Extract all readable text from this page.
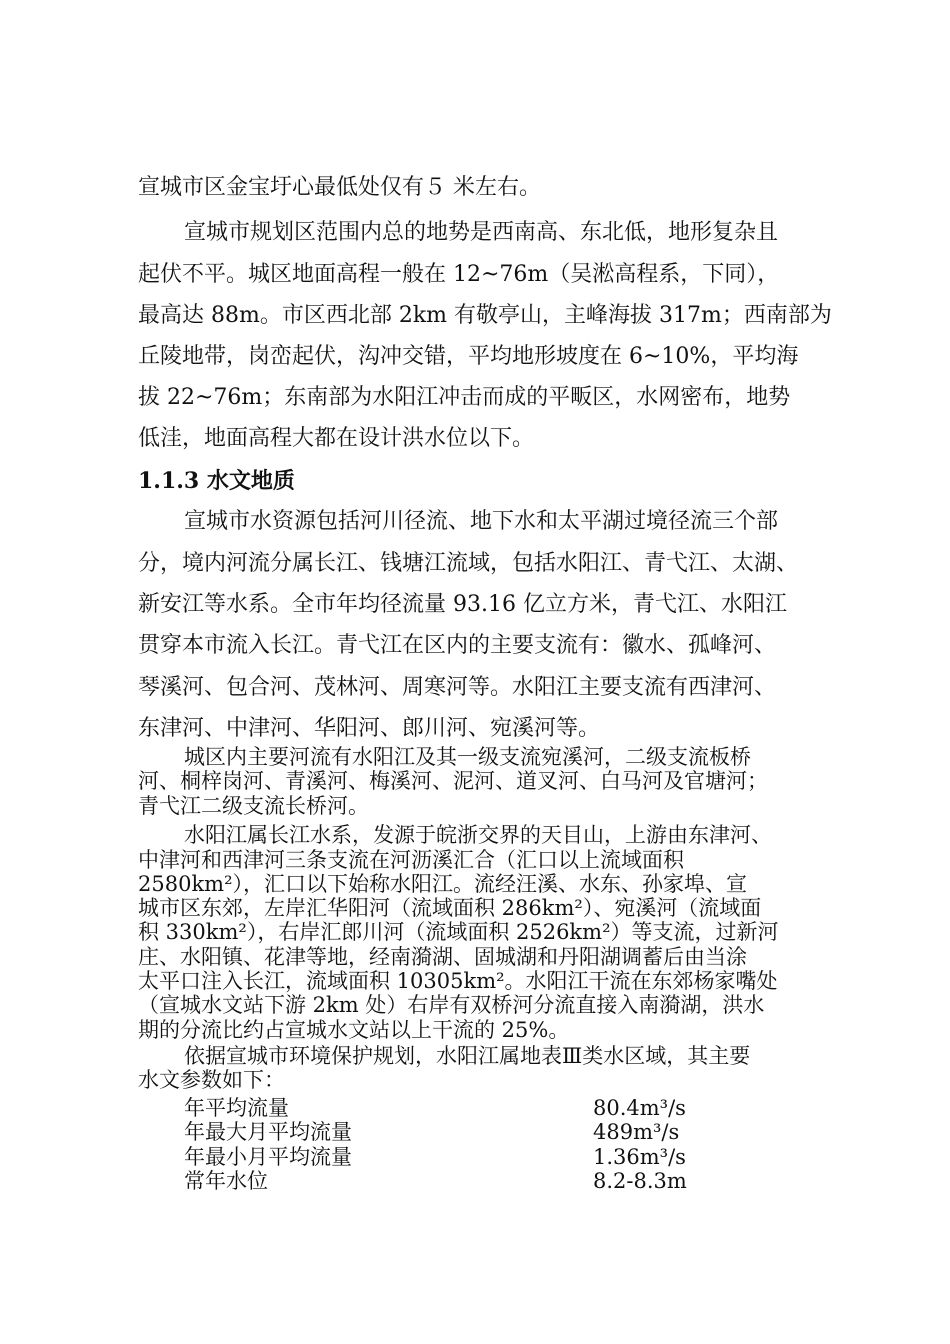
宣城市区金宝圩心最低处仅有５ 米左右。
宣城市规划区范围内总的地势是西南高、东北低，地形复杂且
起伏不平。城区地面高程一般在 12~76m（吴淞高程系，下同），
最高达 88m。市区西北部 2km 有敬亭山，主峰海拔 317m；西南部为
丘陵地带，岗峦起伏，沟冲交错，平均地形坡度在 6~10%，平均海
拔 22~76m；东南部为水阳江冲击而成的平畈区，水网密布，地势
低洼，地面高程大都在设计洪水位以下。
1.1.3 水文地质
宣城市水资源包括河川径流、地下水和太平湖过境径流三个部
分，境内河流分属长江、钱塘江流域，包括水阳江、青弋江、太湖、
新安江等水系。全市年均径流量 93.16 亿立方米，青弋江、水阳江
贯穿本市流入长江。青弋江在区内的主要支流有：徽水、孤峰河、
琴溪河、包合河、茂林河、周寒河等。水阳江主要支流有西津河、
东津河、中津河、华阳河、郎川河、宛溪河等。
城区内主要河流有水阳江及其一级支流宛溪河，二级支流板桥
河、桐梓岗河、青溪河、梅溪河、泥河、道叉河、白马河及官塘河；
青弋江二级支流长桥河。
水阳江属长江水系，发源于皖浙交界的天目山，上游由东津河、
中津河和西津河三条支流在河沥溪汇合（汇口以上流域面积
2580km²），汇口以下始称水阳江。流经汪溪、水东、孙家埠、宣
城市区东郊，左岸汇华阳河（流域面积 286km²）、宛溪河（流域面
积 330km²），右岸汇郎川河（流域面积 2526km²）等支流，过新河
庄、水阳镇、花津等地，经南漪湖、固城湖和丹阳湖调蓄后由当涂
太平口注入长江，流域面积 10305km²。水阳江干流在东郊杨家嘴处
（宣城水文站下游 2km 处）右岸有双桥河分流直接入南漪湖，洪水
期的分流比约占宣城水文站以上干流的 25%。
依据宣城市环境保护规划，水阳江属地表Ⅲ类水区域，其主要
水文参数如下：
年平均流量	80.4m³/s
年最大月平均流量	489m³/s
年最小月平均流量	1.36m³/s
常年水位	8.2-8.3m
